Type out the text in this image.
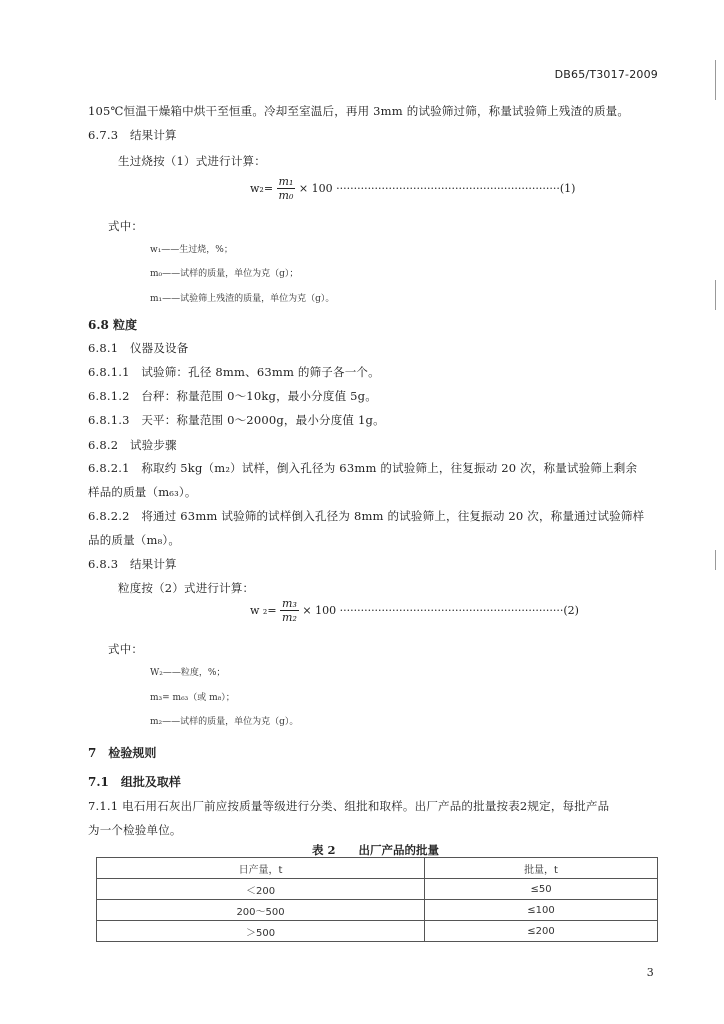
DB65/T3017-2009
105℃恒温干燥箱中烘干至恒重。冷却至室温后，再用 3mm 的试验筛过筛，称量试验筛上残渣的质量。
6.7.3　结果计算
生过烧按（1）式进行计算：
$w_2= \frac{\text{m₁}}{\text{m₀}} \times 100 \cdot\cdot\cdot\cdot\cdot\cdot\cdot\cdot\cdot\cdot\cdot\cdot\cdot\cdot\cdot\cdot\cdot\cdot\cdot\cdot\cdot\cdot\cdot\cdot\cdot\cdot\cdot\cdot\cdot\cdot\cdot\cdot\cdot\cdot\cdot\cdot\cdot\cdot\cdot\cdot\cdot\cdot\cdot\cdot\cdot\cdot\cdot\cdot\cdot\cdot\cdot\cdot\cdot\cdot\cdot\cdot\cdot\cdot\cdot\cdot\cdot\cdot\cdot\cdot(1)$
式中：
w₁——生过烧，%；
m₀——试样的质量，单位为克（g）；
m₁——试验筛上残渣的质量，单位为克（g）。
6.8 粒度
6.8.1　仪器及设备
6.8.1.1　试验筛：孔径 8mm、63mm 的筛子各一个。
6.8.1.2　台秤：称量范围 0～10kg，最小分度值 5g。
6.8.1.3　天平：称量范围 0～2000g，最小分度值 1g。
6.8.2　试验步骤
6.8.2.1　称取约 5kg（m₂）试样，倒入孔径为 63mm 的试验筛上，往复振动 20 次，称量试验筛上剩余
样品的质量（m₆₃）。
6.8.2.2　将通过 63mm 试验筛的试样倒入孔径为 8mm 的试验筛上，往复振动 20 次，称量通过试验筛样
品的质量（m₈）。
6.8.3　结果计算
粒度按（2）式进行计算：
w $_2= \frac{\text{m₃}}{\text{m₂}} \times 100 \cdot\cdot\cdot\cdot\cdot\cdot\cdot\cdot\cdot\cdot\cdot\cdot\cdot\cdot\cdot\cdot\cdot\cdot\cdot\cdot\cdot\cdot\cdot\cdot\cdot\cdot\cdot\cdot\cdot\cdot\cdot\cdot\cdot\cdot\cdot\cdot\cdot\cdot\cdot\cdot\cdot\cdot\cdot\cdot\cdot\cdot\cdot\cdot\cdot\cdot\cdot\cdot\cdot\cdot\cdot\cdot\cdot\cdot\cdot\cdot\cdot\cdot\cdot\cdot(2)$
式中：
W₂——粒度，%；
m₃= m₆₃（或 m₈）；
m₂——试样的质量，单位为克（g）。
7　检验规则
7.1　组批及取样
7.1.1 电石用石灰出厂前应按质量等级进行分类、组批和取样。出厂产品的批量按表2规定，每批产品
为一个检验单位。
表 2　　出厂产品的批量
日产量，t	批量，t
＜200	≤50
200～500	≤100
＞500	≤200
3
